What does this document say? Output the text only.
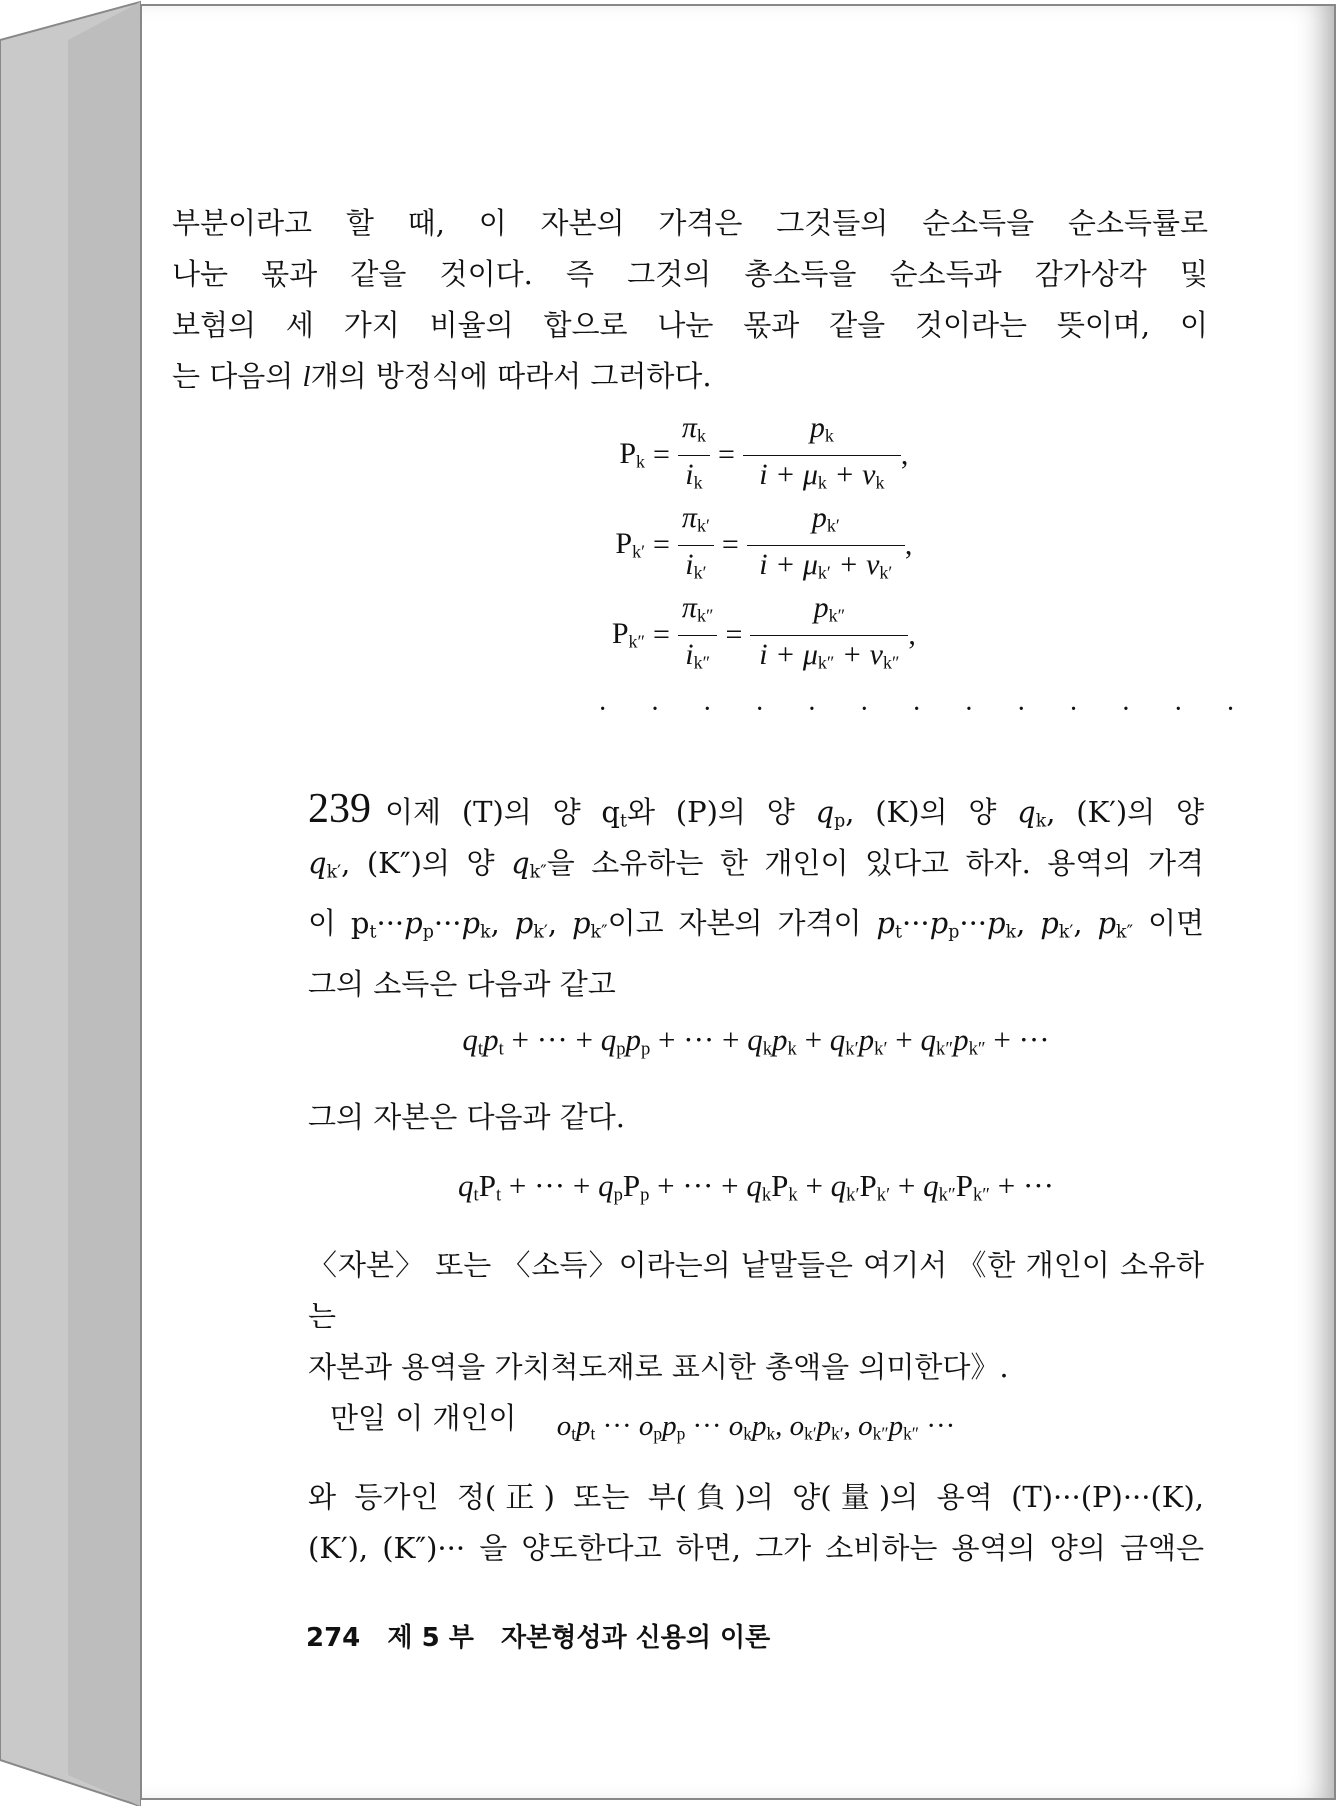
부분이라고 할 때, 이 자본의 가격은 그것들의 순소득을 순소득률로

나눈 몫과 같을 것이다. 즉 그것의 총소득을 순소득과 감가상각 및

보험의 세 가지 비율의 합으로 나눈 몫과 같을 것이라는 뜻이며, 이

는 다음의 l개의 방정식에 따라서 그러하다.

$P_k = \frac{\pi_k}{i_k} = \frac{p_k}{i + \mu_k + \nu_k}$ ,
$P_{k'} = \frac{\pi_{k'}}{i_{k'}} = \frac{p_{k'}}{i + \mu_{k'} + \nu_{k'}}$ ,
$P_{k''} = \frac{\pi_{k''}}{i_{k''}} = \frac{p_{k''}}{i + \mu_{k''} + \nu_{k''}}$ ,
· · · · · · · · · · · · ·

239 이제 (T)의 양 $q_t$와 (P)의 양 $q_p$, (K)의 양 $q_k$, (K′)의 양

$q_{k'}$, (K″)의 양 $q_{k''}$을 소유하는 한 개인이 있다고 하자. 용역의 가격

이 $p_t\cdot\cdot\cdot p_p\cdot\cdot\cdot p_k$, $p_{k'}$, $p_{k''}$이고 자본의 가격이 $p_t\cdot\cdot\cdot p_p\cdot\cdot\cdot p_k$, $p_{k'}$, $p_{k''}$ 이면

그의 소득은 다음과 같고

$q_tp_t$ + ··· + $q_pp_p$ + ··· + $q_kp_k + q_{k'}p_{k'} + q_{k''}p_{k''}$ + ···

그의 자본은 다음과 같다.

$q_tP_t$ + ··· + $q_pP_p$ + ··· + $q_kP_k + q_{k'}P_{k'} + q_{k''}P_{k''}$ + ···

〈자본〉 또는 〈소득〉이라는의 낱말들은 여기서 《한 개인이 소유하는

자본과 용역을 가치척도재로 표시한 총액을 의미한다》.

만일 이 개인이	$o_tp_t$ ··· $o_pp_p$ ··· $o_kp_k$, $o_{k'}p_{k'}$, $o_{k''}p_{k''}$ ···

와 등가인 정(正) 또는 부(負)의 양(量)의 용역 (T)···(P)···(K),

(K′), (K″)··· 을 양도한다고 하면, 그가 소비하는 용역의 양의 금액은

274   제 5 부   자본형성과 신용의 이론
